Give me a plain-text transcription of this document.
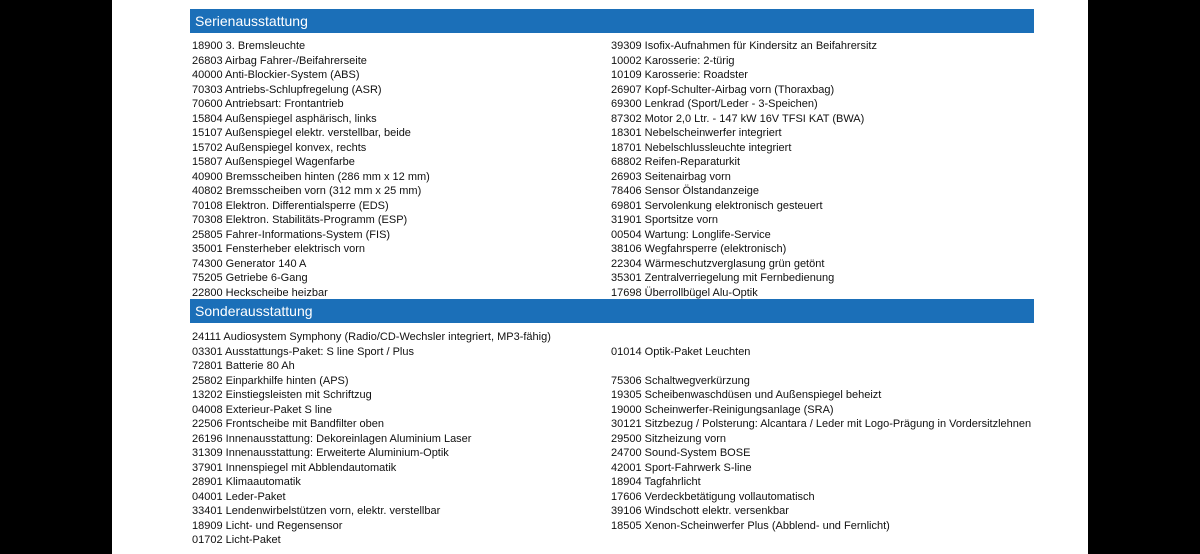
Serienausstattung
18900 3. Bremsleuchte
26803 Airbag Fahrer-/Beifahrerseite
40000 Anti-Blockier-System (ABS)
70303 Antriebs-Schlupfregelung (ASR)
70600 Antriebsart: Frontantrieb
15804 Außenspiegel asphärisch, links
15107 Außenspiegel elektr. verstellbar, beide
15702 Außenspiegel konvex, rechts
15807 Außenspiegel Wagenfarbe
40900 Bremsscheiben hinten (286 mm x 12 mm)
40802 Bremsscheiben vorn (312 mm x 25 mm)
70108 Elektron. Differentialsperre (EDS)
70308 Elektron. Stabilitäts-Programm (ESP)
25805 Fahrer-Informations-System (FIS)
35001 Fensterheber elektrisch vorn
74300 Generator 140 A
75205 Getriebe 6-Gang
22800 Heckscheibe heizbar
39309 Isofix-Aufnahmen für Kindersitz an Beifahrersitz
10002 Karosserie: 2-türig
10109 Karosserie: Roadster
26907 Kopf-Schulter-Airbag vorn (Thoraxbag)
69300 Lenkrad (Sport/Leder - 3-Speichen)
87302 Motor 2,0 Ltr. - 147 kW 16V TFSI KAT (BWA)
18301 Nebelscheinwerfer integriert
18701 Nebelschlussleuchte integriert
68802 Reifen-Reparaturkit
26903 Seitenairbag vorn
78406 Sensor Ölstandanzeige
69801 Servolenkung elektronisch gesteuert
31901 Sportsitze vorn
00504 Wartung: Longlife-Service
38106 Wegfahrsperre (elektronisch)
22304 Wärmeschutzverglasung grün getönt
35301 Zentralverriegelung mit Fernbedienung
17698 Überrollbügel Alu-Optik
Sonderausstattung
24111 Audiosystem Symphony (Radio/CD-Wechsler integriert, MP3-fähig)
03301 Ausstattungs-Paket: S line Sport / Plus
72801 Batterie 80 Ah
25802 Einparkhilfe hinten (APS)
13202 Einstiegsleisten mit Schriftzug
04008 Exterieur-Paket S line
22506 Frontscheibe mit Bandfilter oben
26196 Innenausstattung: Dekoreinlagen Aluminium Laser
31309 Innenausstattung: Erweiterte Aluminium-Optik
37901 Innenspiegel mit Abblendautomatik
28901 Klimaautomatik
04001 Leder-Paket
33401 Lendenwirbelstützen vorn, elektr. verstellbar
18909 Licht- und Regensensor
01702 Licht-Paket
01014 Optik-Paket Leuchten
75306 Schaltwegverkürzung
19305 Scheibenwaschdüsen und Außenspiegel beheizt
19000 Scheinwerfer-Reinigungsanlage (SRA)
30121 Sitzbezug / Polsterung: Alcantara / Leder mit Logo-Prägung in Vordersitzlehnen
29500 Sitzheizung vorn
24700 Sound-System BOSE
42001 Sport-Fahrwerk S-line
18904 Tagfahrlicht
17606 Verdeckbetätigung vollautomatisch
39106 Windschott elektr. versenkbar
18505 Xenon-Scheinwerfer Plus (Abblend- und Fernlicht)
